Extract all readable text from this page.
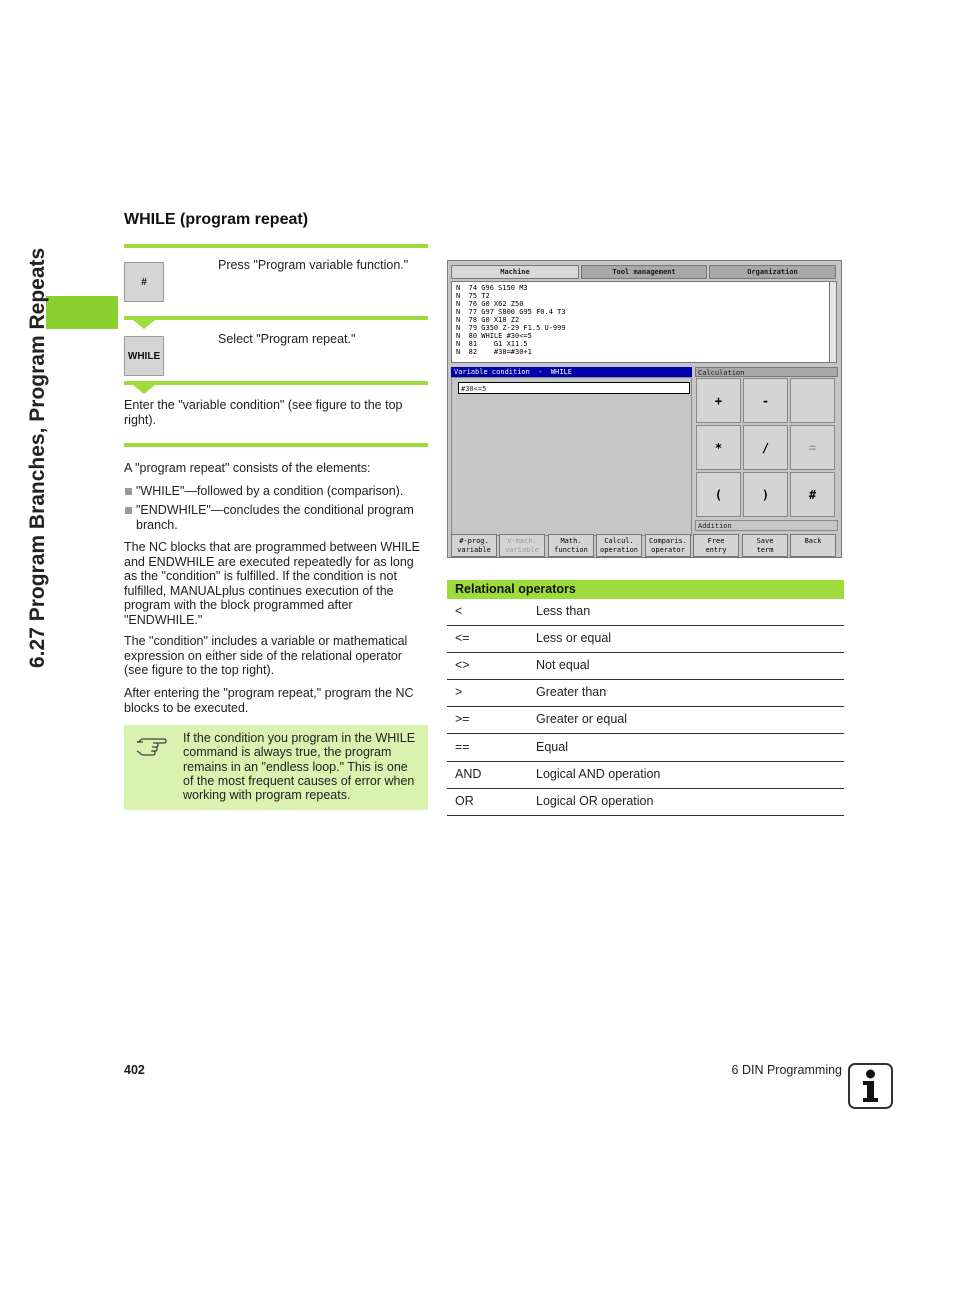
6.27 Program Branches, Program Repeats
WHILE (program repeat)
#
Press "Program variable function."
WHILE
Select "Program repeat."
Enter the "variable condition" (see figure to the top right).
A "program repeat" consists of the elements:
"WHILE"—followed by a condition (comparison).
"ENDWHILE"—concludes the conditional program branch.
The NC blocks that are programmed between WHILE and ENDWHILE are executed repeatedly for as long as the "condition" is fulfilled. If the condition is not fulfilled, MANUALplus continues execution of the program with the block programmed after "ENDWHILE."
The "condition" includes a variable or mathematical expression on either side of the relational operator (see figure to the top right).
After entering the "program repeat," program the NC blocks to be executed.
If the condition you program in the WHILE command is always true, the program remains in an "endless loop." This is one of the most frequent causes of error when working with program repeats.
Machine	Tool management	Organization
N  74 G96 S150 M3
N  75 T2
N  76 G0 X62 Z50
N  77 G97 S800 G95 F0.4 T3
N  78 G0 X18 Z2
N  79 G350 Z-29 F1.5 U-999
N  80 WHILE #30<=5
N  81    G1 X11.5
N  82    #30=#30+1
Variable condition  -  WHILE
#30<=5
Calculation
+	-
*	/	=
(	)	#
Addition
#-prog.
variable
V-mach.
variable
Math.
function
Calcul.
operation
Comparis.
operator
Free
entry
Save
term
Back
Relational operators
<	Less than
<=	Less or equal
<>	Not equal
>	Greater than
>=	Greater or equal
==	Equal
AND	Logical AND operation
OR	Logical OR operation
402	6 DIN Programming
